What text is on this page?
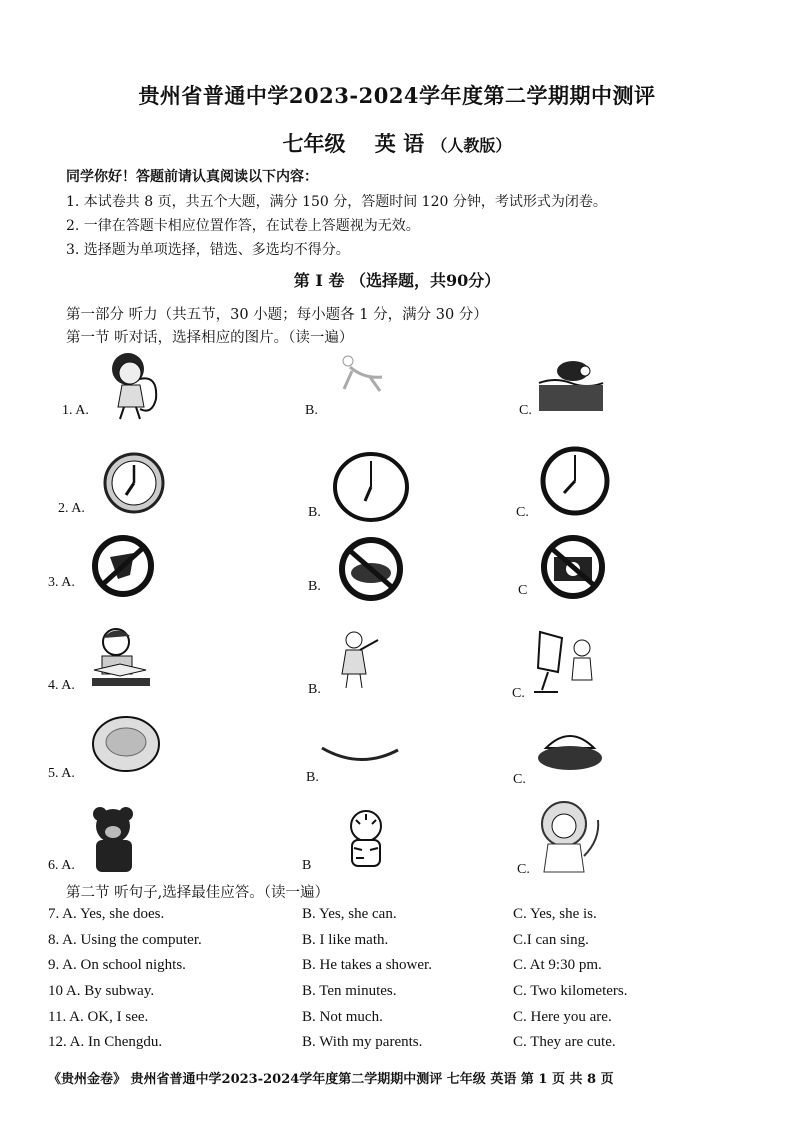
贵州省普通中学2023-2024学年度第二学期期中测评
七年级 英 语 （人教版）
同学你好！答题前请认真阅读以下内容：
1. 本试卷共 8 页，共五个大题，满分 150 分，答题时间 120 分钟，考试形式为闭卷。
2. 一律在答题卡相应位置作答，在试卷上答题视为无效。
3. 选择题为单项选择，错选、多选均不得分。
第 I 卷 （选择题，共90分）
第一部分 听力（共五节，30 小题；每小题各 1 分，满分 30 分）
第一节 听对话，选择相应的图片。（读一遍）
1. A.	B.	C.
2. A.	B.	C.
3. A.	B.	C
4. A.	B.	C.
5. A.	B.	C.
6. A.	B	C.
第二节 听句子,选择最佳应答。（读一遍）
7. A. Yes, she does.	B. Yes, she can.	C. Yes, she is.
8. A. Using the computer.	B. I like math.	C.I can sing.
9. A. On school nights.	B. He takes a shower.	C. At 9:30 pm.
10 A. By subway.	B. Ten minutes.	C. Two kilometers.
11. A. OK, I see.	B. Not much.	C. Here you are.
12. A. In Chengdu.	B. With my parents.	C. They are cute.
《贵州金卷》 贵州省普通中学2023-2024学年度第二学期期中测评 七年级 英语 第 1 页 共 8 页
